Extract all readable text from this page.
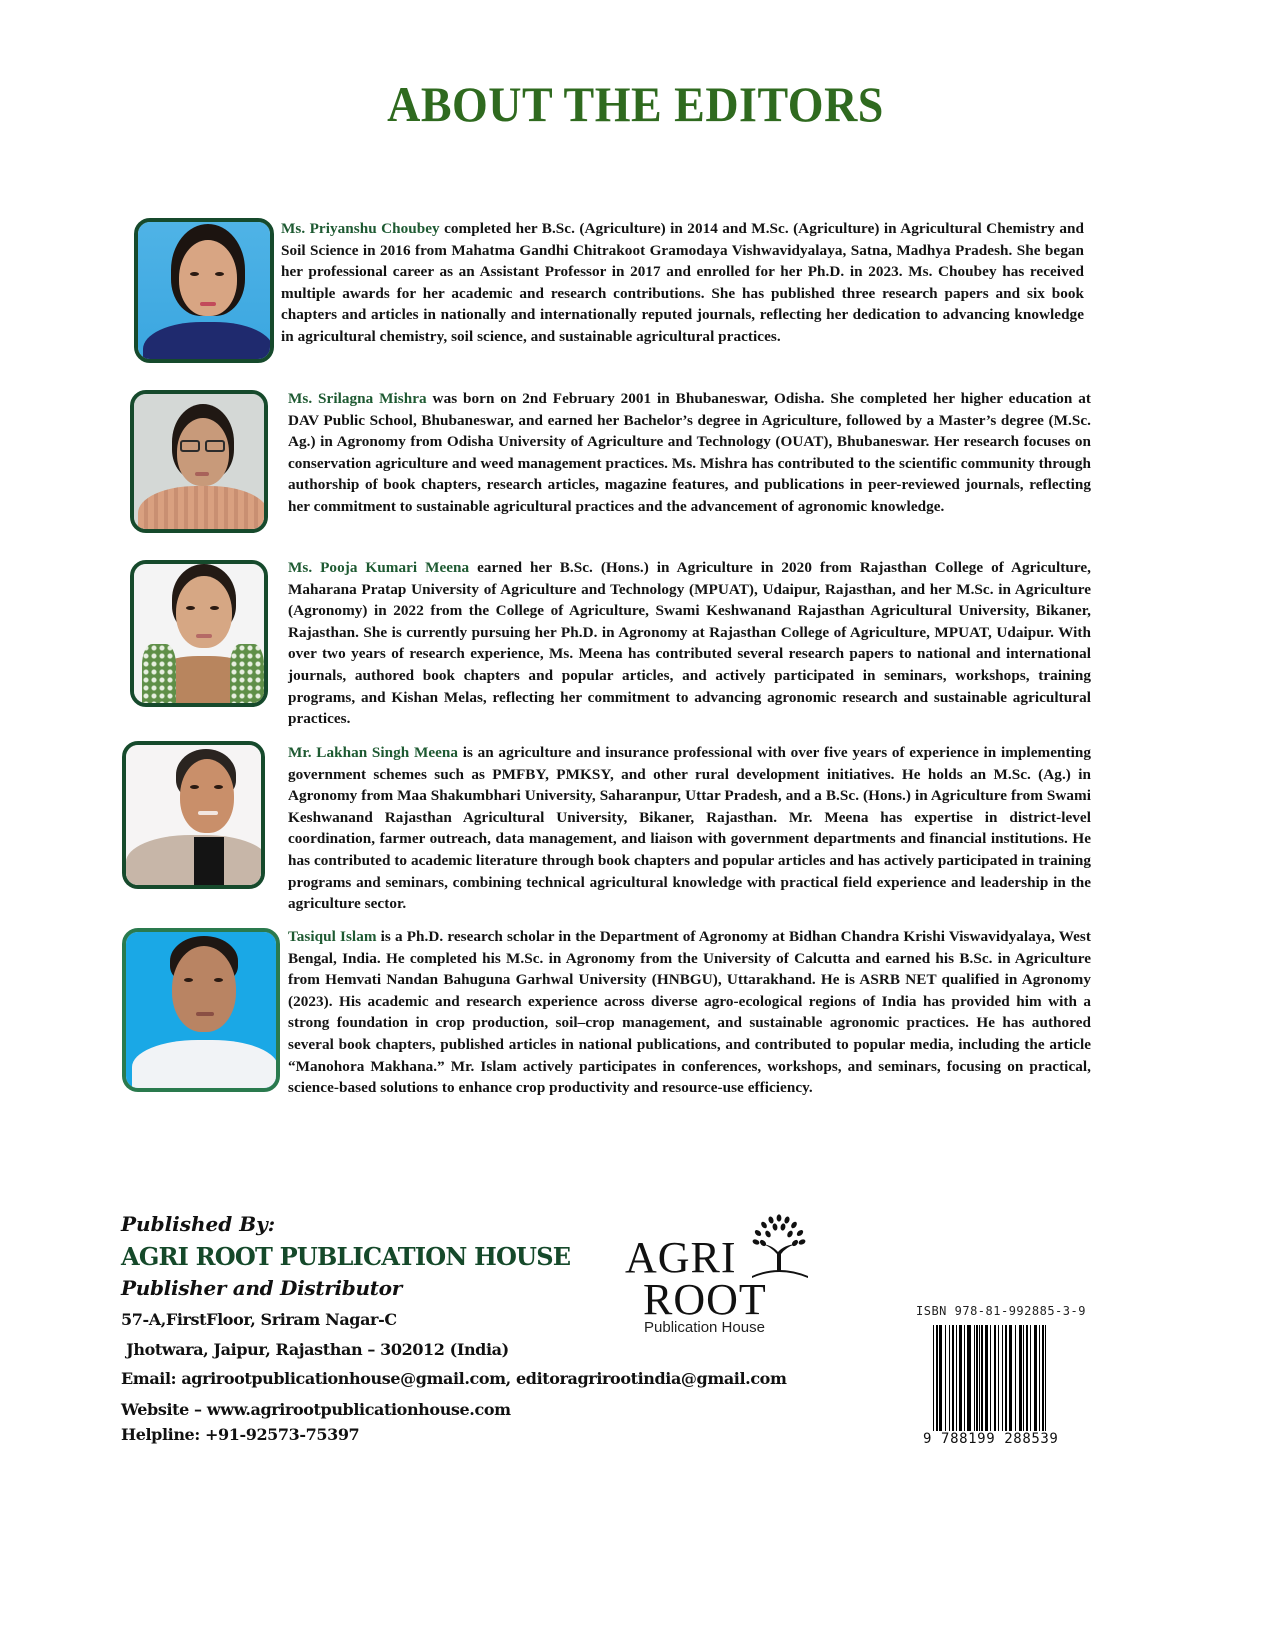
ABOUT THE EDITORS

Ms. Priyanshu Choubey completed her B.Sc. (Agriculture) in 2014 and M.Sc. (Agriculture) in Agricultural Chemistry and Soil Science in 2016 from Mahatma Gandhi Chitrakoot Gramodaya Vishwavidyalaya, Satna, Madhya Pradesh. She began her professional career as an Assistant Professor in 2017 and enrolled for her Ph.D. in 2023. Ms. Choubey has received multiple awards for her academic and research contributions. She has published three research papers and six book chapters and articles in nationally and internationally reputed journals, reflecting her dedication to advancing knowledge in agricultural chemistry, soil science, and sustainable agricultural practices.

Ms. Srilagna Mishra was born on 2nd February 2001 in Bhubaneswar, Odisha. She completed her higher education at DAV Public School, Bhubaneswar, and earned her Bachelor’s degree in Agriculture, followed by a Master’s degree (M.Sc. Ag.) in Agronomy from Odisha University of Agriculture and Technology (OUAT), Bhubaneswar. Her research focuses on conservation agriculture and weed management practices. Ms. Mishra has contributed to the scientific community through authorship of book chapters, research articles, magazine features, and publications in peer-reviewed journals, reflecting her commitment to sustainable agricultural practices and the advancement of agronomic knowledge.

Ms. Pooja Kumari Meena earned her B.Sc. (Hons.) in Agriculture in 2020 from Rajasthan College of Agriculture, Maharana Pratap University of Agriculture and Technology (MPUAT), Udaipur, Rajasthan, and her M.Sc. in Agriculture (Agronomy) in 2022 from the College of Agriculture, Swami Keshwanand Rajasthan Agricultural University, Bikaner, Rajasthan. She is currently pursuing her Ph.D. in Agronomy at Rajasthan College of Agriculture, MPUAT, Udaipur. With over two years of research experience, Ms. Meena has contributed several research papers to national and international journals, authored book chapters and popular articles, and actively participated in seminars, workshops, training programs, and Kishan Melas, reflecting her commitment to advancing agronomic research and sustainable agricultural practices.

Mr. Lakhan Singh Meena is an agriculture and insurance professional with over five years of experience in implementing government schemes such as PMFBY, PMKSY, and other rural development initiatives. He holds an M.Sc. (Ag.) in Agronomy from Maa Shakumbhari University, Saharanpur, Uttar Pradesh, and a B.Sc. (Hons.) in Agriculture from Swami Keshwanand Rajasthan Agricultural University, Bikaner, Rajasthan. Mr. Meena has expertise in district-level coordination, farmer outreach, data management, and liaison with government departments and financial institutions. He has contributed to academic literature through book chapters and popular articles and has actively participated in training programs and seminars, combining technical agricultural knowledge with practical field experience and leadership in the agriculture sector.

Tasiqul Islam is a Ph.D. research scholar in the Department of Agronomy at Bidhan Chandra Krishi Viswavidyalaya, West Bengal, India. He completed his M.Sc. in Agronomy from the University of Calcutta and earned his B.Sc. in Agriculture from Hemvati Nandan Bahuguna Garhwal University (HNBGU), Uttarakhand. He is ASRB NET qualified in Agronomy (2023). His academic and research experience across diverse agro-ecological regions of India has provided him with a strong foundation in crop production, soil–crop management, and sustainable agronomic practices. He has authored several book chapters, published articles in national publications, and contributed to popular media, including the article “Manohora Makhana.” Mr. Islam actively participates in conferences, workshops, and seminars, focusing on practical, science-based solutions to enhance crop productivity and resource-use efficiency.

Published By:
AGRI ROOT PUBLICATION HOUSE
Publisher and Distributor
57-A,FirstFloor, Sriram Nagar-C
Jhotwara, Jaipur, Rajasthan – 302012 (India)
Email: agrirootpublicationhouse@gmail.com, editoragrirootindia@gmail.com
Website – www.agrirootpublicationhouse.com
Helpline: +91-92573-75397
AGRI
ROOT
Publication House
ISBN 978-81-992885-3-9
9 788199 288539
